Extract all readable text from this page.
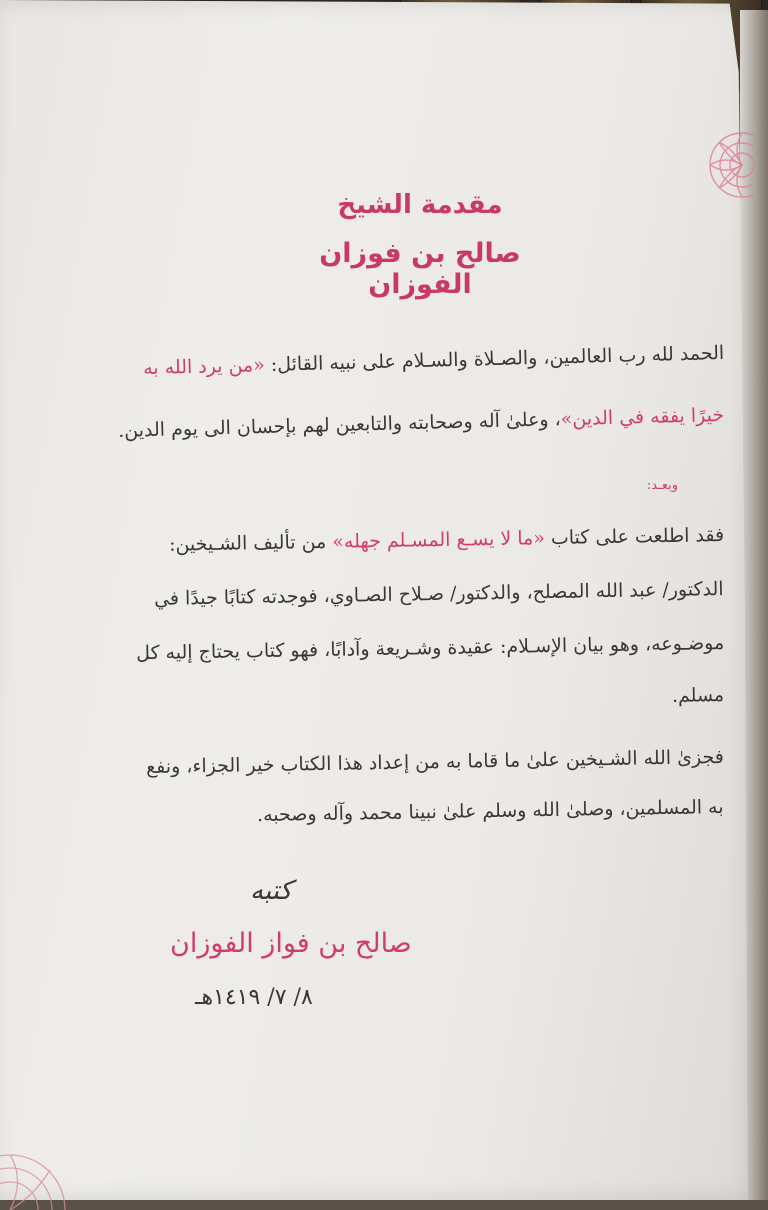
مقدمة الشيخ
صالح بن فوزان الفوزان
الحمد لله رب العالمين، والصـلاة والسـلام على نبيه القائل: «من يرد الله به
خيرًا يفقه في الدين»، وعلىٰ آله وصحابته والتابعين لهم بإحسان الى يوم الدين.
وبعـد:
فقد اطلعت على كتاب «ما لا يسـع المسـلم جهله» من تأليف الشـيخين:
الدكتور/ عبد الله المصلح، والدكتور/ صـلاح الصـاوي، فوجدته كتابًا جيدًا في
موضـوعه، وهو بيان الإسـلام: عقيدة وشـريعة وآدابًا، فهو كتاب يحتاج إليه كل
مسلم.
فجزىٰ الله الشـيخين علىٰ ما قاما به من إعداد هذا الكتاب خير الجزاء، ونفع
به المسلمين، وصلىٰ الله وسلم علىٰ نبينا محمد وآله وصحبه.
كتبه
صالح بن فواز الفوزان
٨/ ٧/ ١٤١٩هـ
